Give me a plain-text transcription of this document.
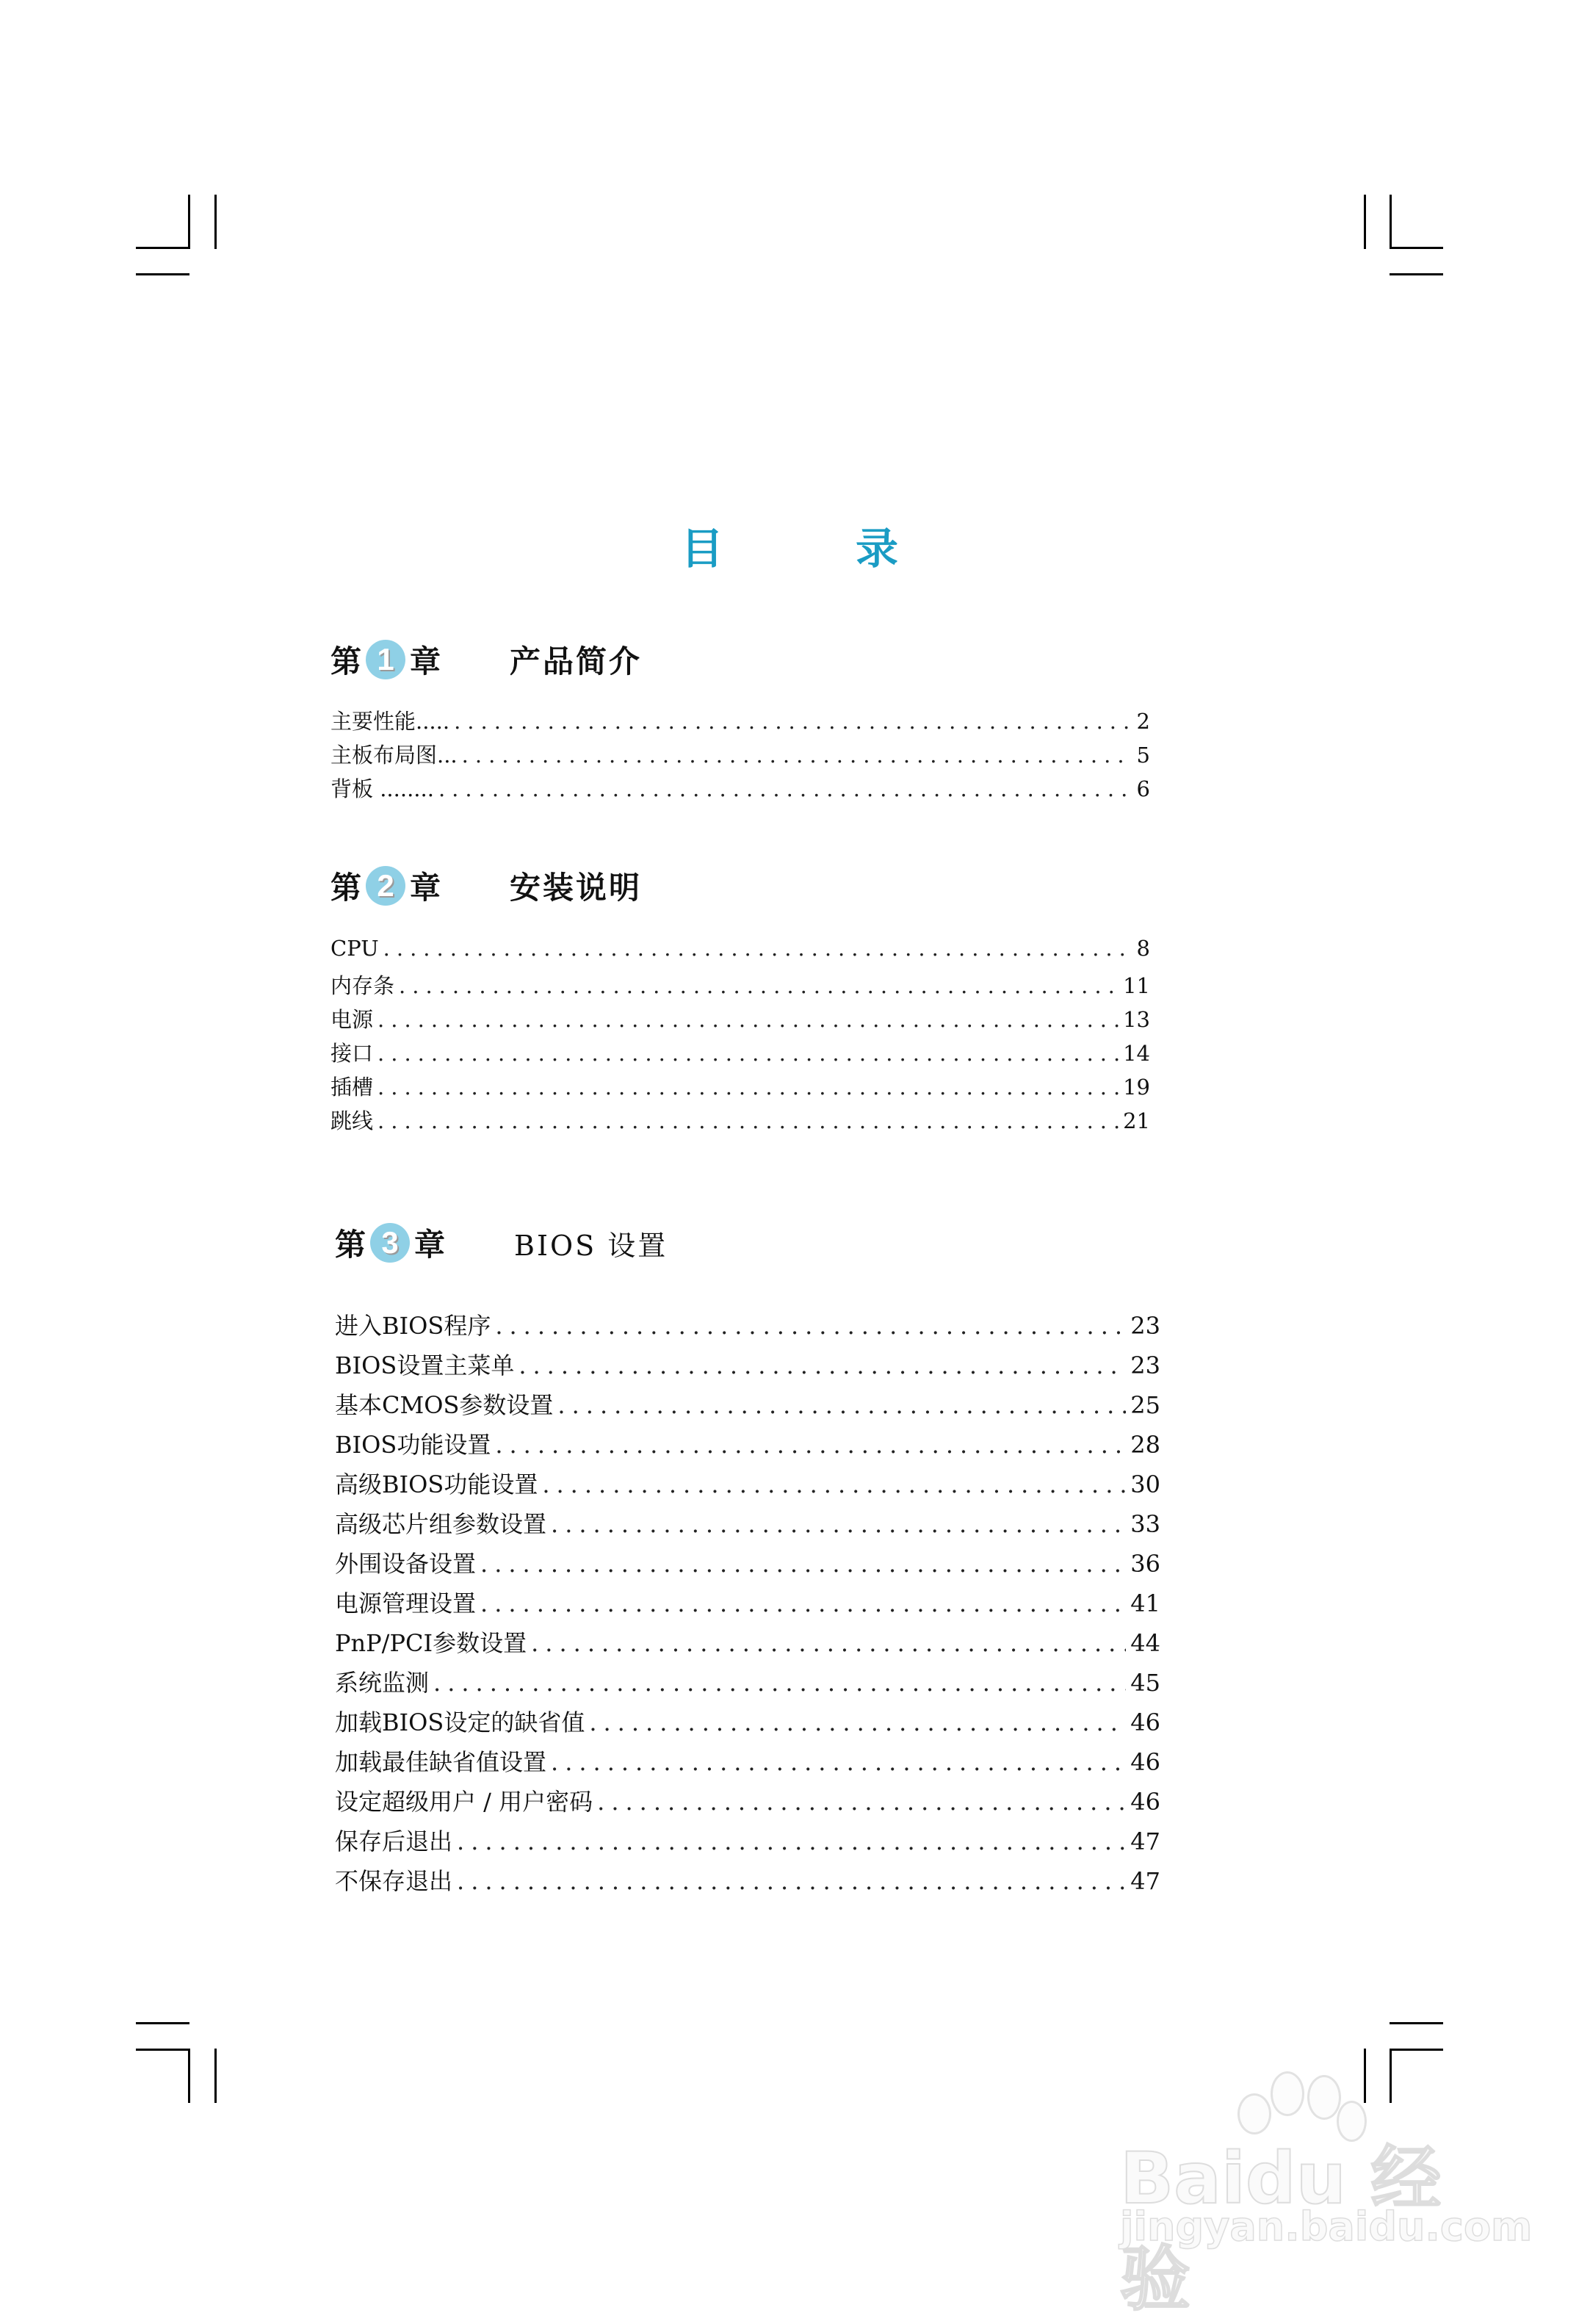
目	录
第 1 章 产品简介
主要性能..... .....	2
主板布局图... .....	5
背板 ........ .....	6
第 2 章 安装说明
CPU .....	8
内存条 .....	11
电源 .....	13
接口 .....	14
插槽 .....	19
跳线 .....	21
第 3 章 BIOS 设置
进入BIOS程序 .....	23
BIOS设置主菜单 .....	23
基本CMOS参数设置 .....	25
BIOS功能设置 .....	28
高级BIOS功能设置 .....	30
高级芯片组参数设置 .....	33
外围设备设置 .....	36
电源管理设置 .....	41
PnP/PCI参数设置 .....	44
系统监测 .....	45
加载BIOS设定的缺省值 .....	46
加载最佳缺省值设置 .....	46
设定超级用户 / 用户密码 .....	46
保存后退出 .....	47
不保存退出 .....	47
Baidu 经验
jingyan.baidu.com
